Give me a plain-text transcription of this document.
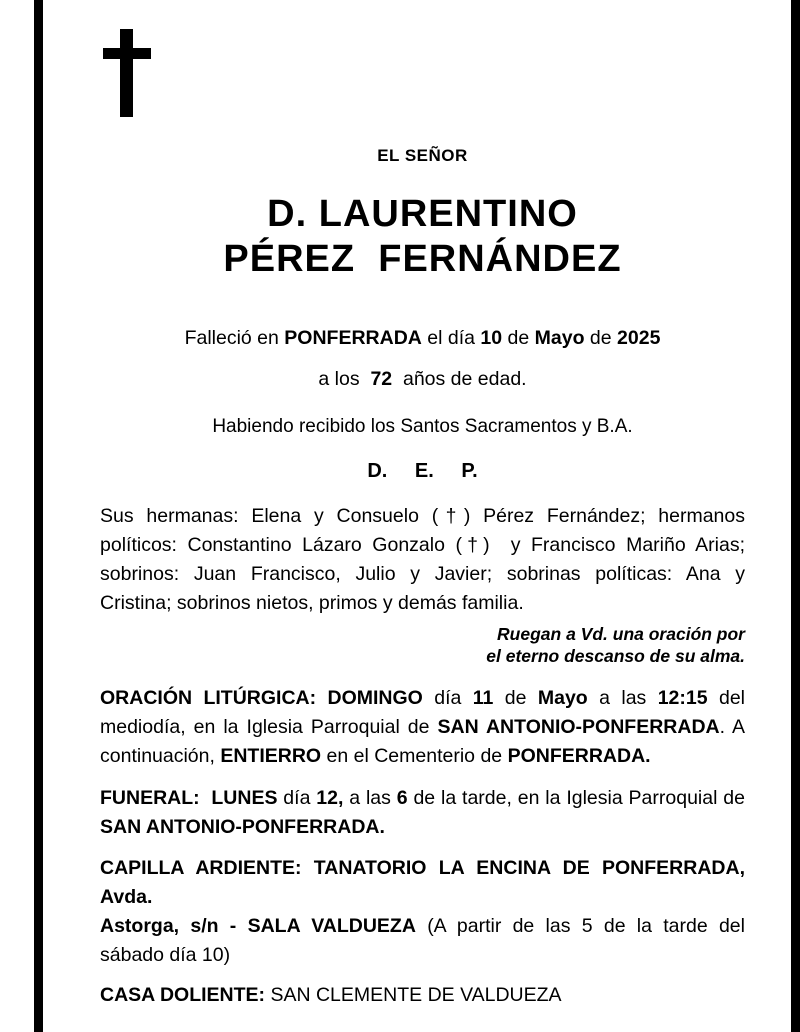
EL SEÑOR
D. LAURENTINO
PÉREZ  FERNÁNDEZ
Falleció en PONFERRADA el día 10 de Mayo de 2025
a los  72  años de edad.
Habiendo recibido los Santos Sacramentos y B.A.
D. E. P.
Sus hermanas: Elena y Consuelo (†) Pérez Fernández; hermanos
políticos: Constantino Lázaro Gonzalo (†)  y Francisco Mariño Arias;
sobrinos: Juan Francisco, Julio y Javier; sobrinas políticas: Ana y
Cristina; sobrinos nietos, primos y demás familia.
Ruegan a Vd. una oración por
el eterno descanso de su alma.
ORACIÓN LITÚRGICA: DOMINGO día 11 de Mayo a las 12:15 del
mediodía, en la Iglesia Parroquial de SAN ANTONIO-PONFERRADA. A
continuación, ENTIERRO en el Cementerio de PONFERRADA.
FUNERAL:  LUNES día 12, a las 6 de la tarde, en la Iglesia Parroquial de
SAN ANTONIO-PONFERRADA.
CAPILLA ARDIENTE: TANATORIO LA ENCINA DE PONFERRADA, Avda.
Astorga, s/n - SALA VALDUEZA (A partir de las 5 de la tarde del
sábado día 10)
CASA DOLIENTE: SAN CLEMENTE DE VALDUEZA
